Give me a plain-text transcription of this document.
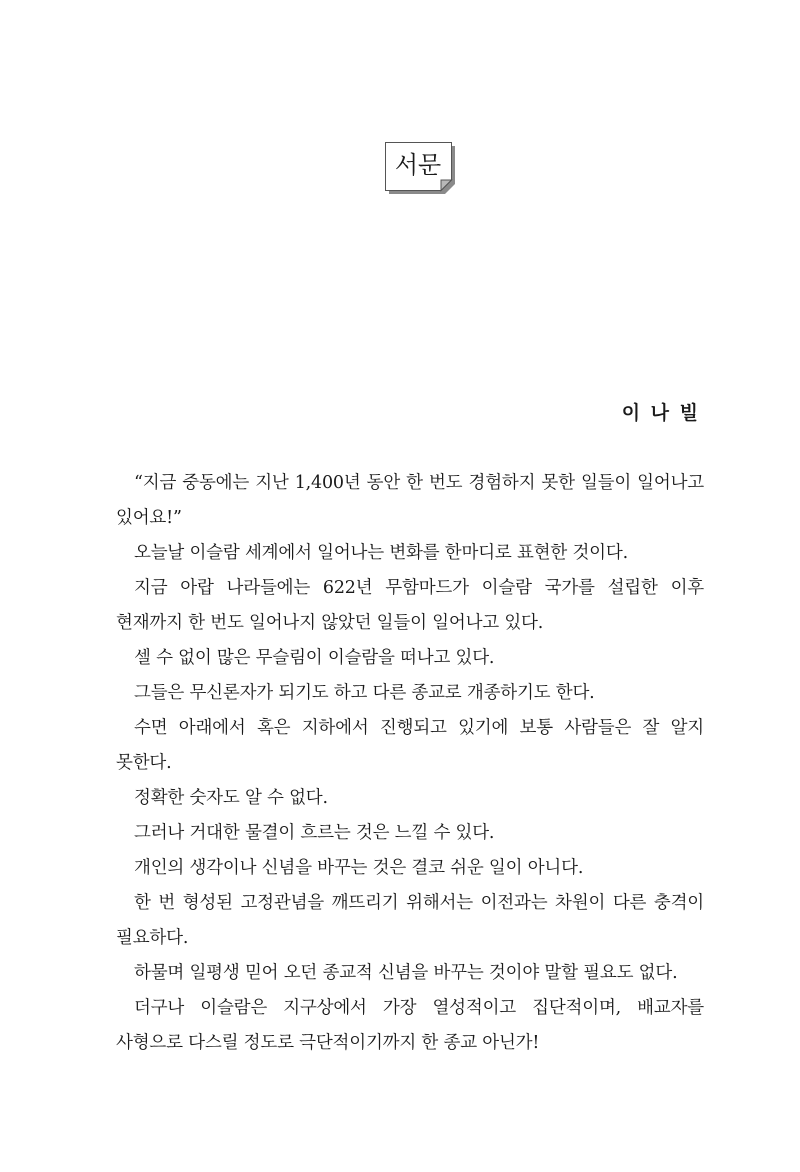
서문
이 나 빌

“지금 중동에는 지난 1,400년 동안 한 번도 경험하지 못한 일들이 일어나고 있어요!”

오늘날 이슬람 세계에서 일어나는 변화를 한마디로 표현한 것이다.

지금 아랍 나라들에는 622년 무함마드가 이슬람 국가를 설립한 이후 현재까지 한 번도 일어나지 않았던 일들이 일어나고 있다.

셀 수 없이 많은 무슬림이 이슬람을 떠나고 있다.

그들은 무신론자가 되기도 하고 다른 종교로 개종하기도 한다.

수면 아래에서 혹은 지하에서 진행되고 있기에 보통 사람들은 잘 알지 못한다.

정확한 숫자도 알 수 없다.

그러나 거대한 물결이 흐르는 것은 느낄 수 있다.

개인의 생각이나 신념을 바꾸는 것은 결코 쉬운 일이 아니다.

한 번 형성된 고정관념을 깨뜨리기 위해서는 이전과는 차원이 다른 충격이 필요하다.

하물며 일평생 믿어 오던 종교적 신념을 바꾸는 것이야 말할 필요도 없다.

더구나 이슬람은 지구상에서 가장 열성적이고 집단적이며, 배교자를 사형으로 다스릴 정도로 극단적이기까지 한 종교 아닌가!
